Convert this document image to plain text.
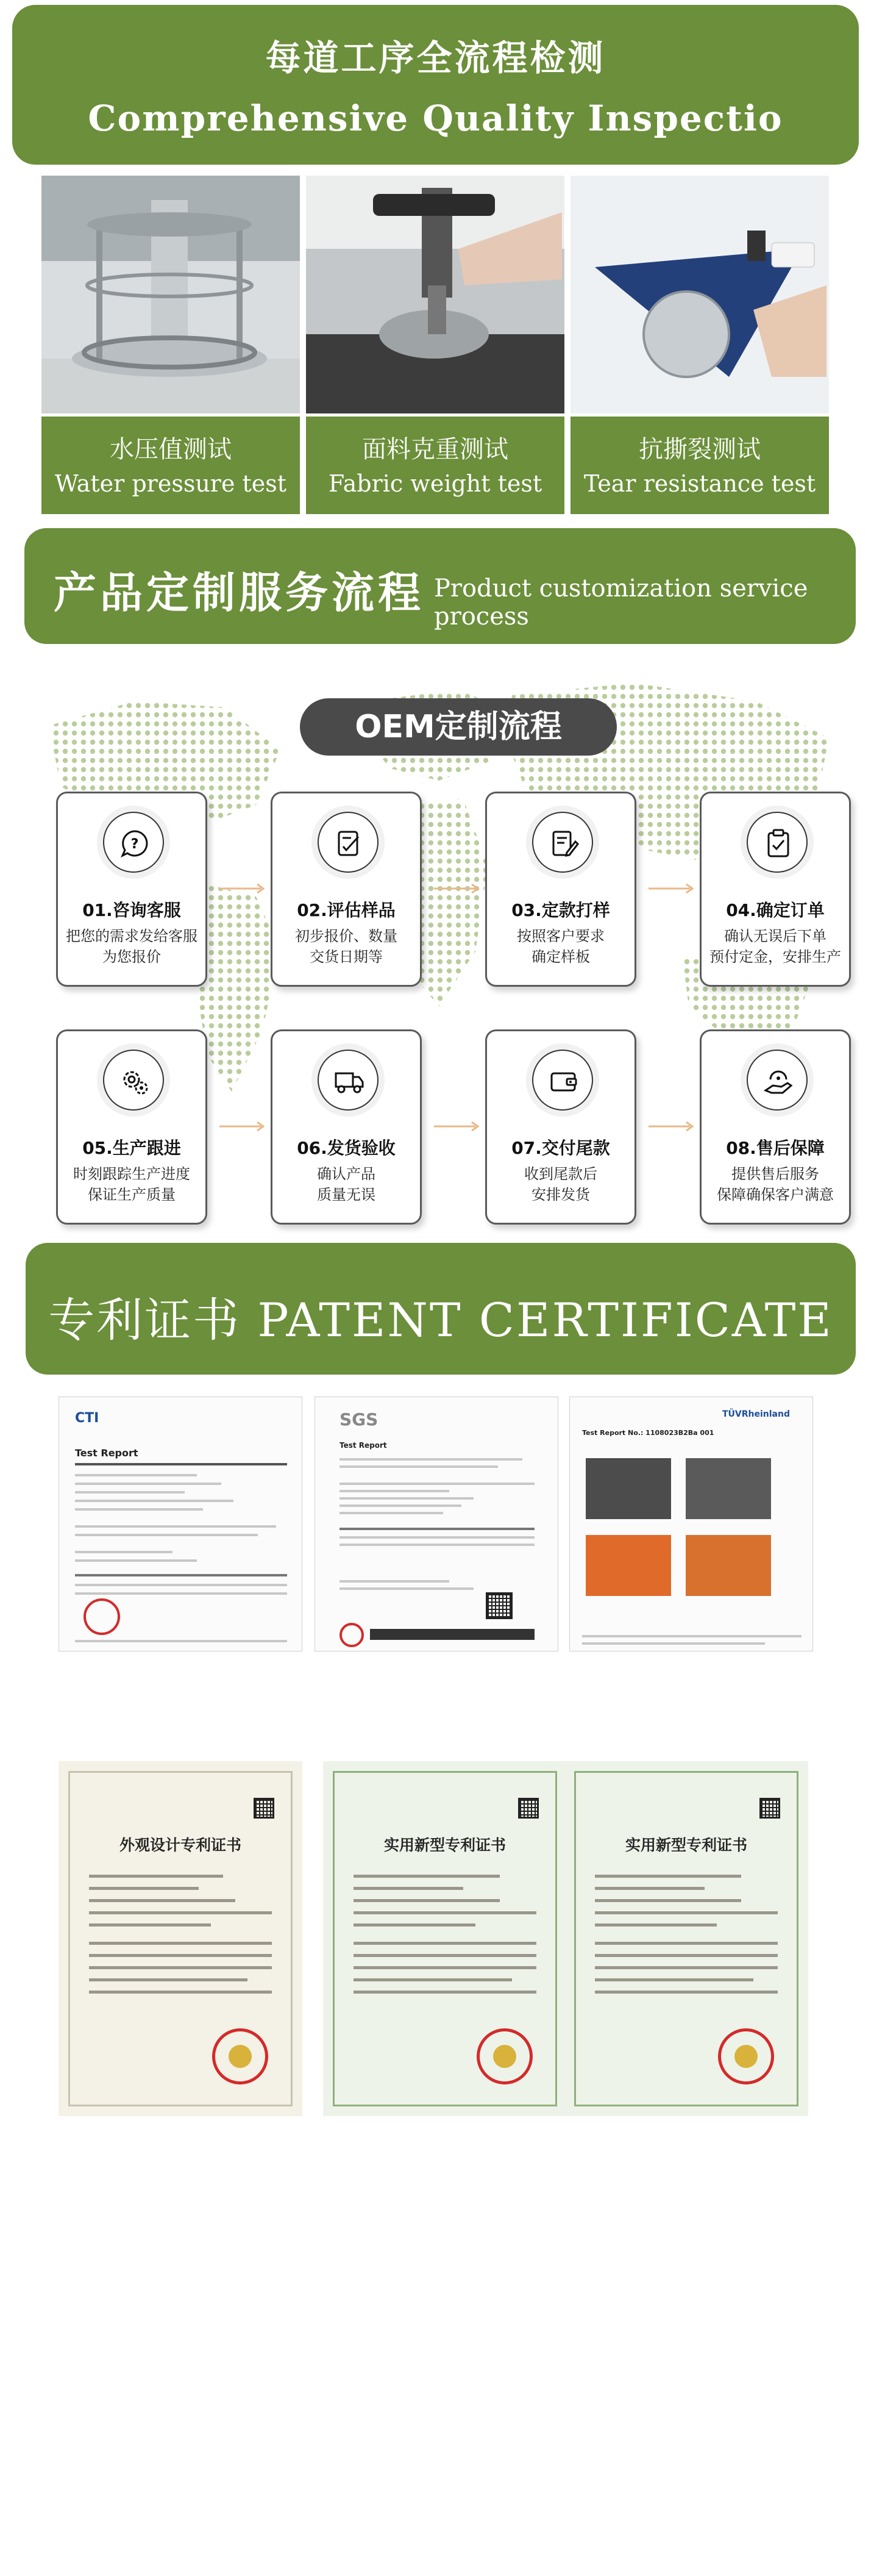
每道工序全流程检测
Comprehensive Quality Inspectio
水压值测试
Water pressure test
面料克重测试
Fabric weight test
抗撕裂测试
Tear resistance test
产品定制服务流程 Product customization service process
OEM定制流程
?
01.咨询客服
把您的需求发给客服
为您报价
02.评估样品
初步报价、数量
交货日期等
03.定款打样
按照客户要求
确定样板
04.确定订单
确认无误后下单
预付定金，安排生产
05.生产跟进
时刻跟踪生产进度
保证生产质量
06.发货验收
确认产品
质量无误
07.交付尾款
收到尾款后
安排发货
08.售后保障
提供售后服务
保障确保客户满意
专利证书 PATENT CERTIFICATE
CTI
Test Report
SGS
Test Report
TÜVRheinland
Test Report No.: 1108023B2Ba 001
外观设计专利证书	实用新型专利证书	实用新型专利证书
